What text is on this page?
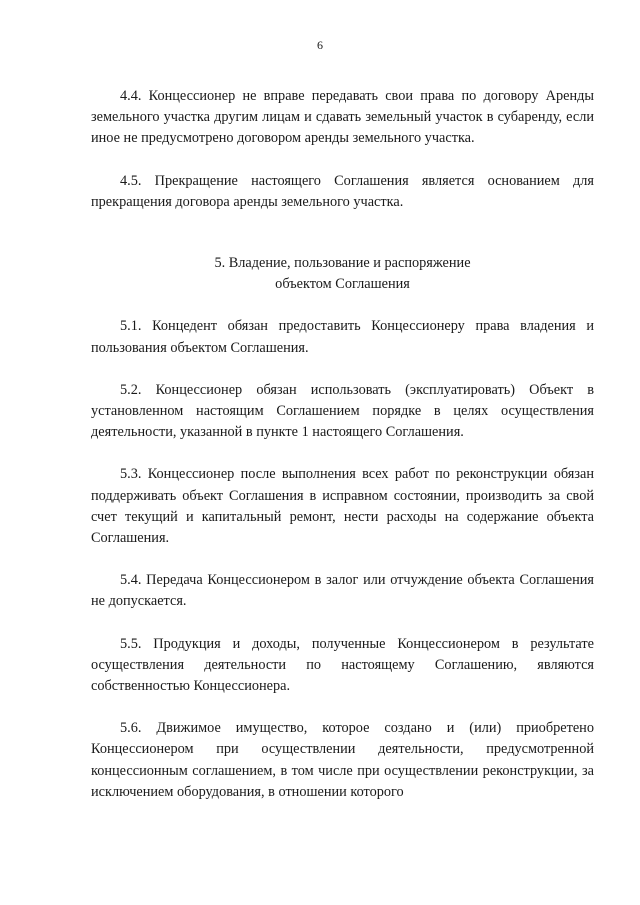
6

4.4. Концессионер не вправе передавать свои права по договору Аренды земельного участка другим лицам и сдавать земельный участок в субаренду, если иное не предусмотрено договором аренды земельного участка.

4.5. Прекращение настоящего Соглашения является основанием для прекращения договора аренды земельного участка.

5. Владение, пользование и распоряжение
объектом Соглашения

5.1. Концедент обязан предоставить Концессионеру права владения и пользования объектом Соглашения.

5.2. Концессионер обязан использовать (эксплуатировать) Объект в установленном настоящим Соглашением порядке в целях осуществления деятельности, указанной в пункте 1 настоящего Соглашения.

5.3. Концессионер после выполнения всех работ по реконструкции обязан поддерживать объект Соглашения в исправном состоянии, производить за свой счет текущий и капитальный ремонт, нести расходы на содержание объекта Соглашения.

5.4. Передача Концессионером в залог или отчуждение объекта Соглашения не допускается.

5.5. Продукция и доходы, полученные Концессионером в результате осуществления деятельности по настоящему Соглашению, являются собственностью Концессионера.

5.6. Движимое имущество, которое создано и (или) приобретено Концессионером при осуществлении деятельности, предусмотренной концессионным соглашением, в том числе при осуществлении реконструкции, за исключением оборудования, в отношении которого
